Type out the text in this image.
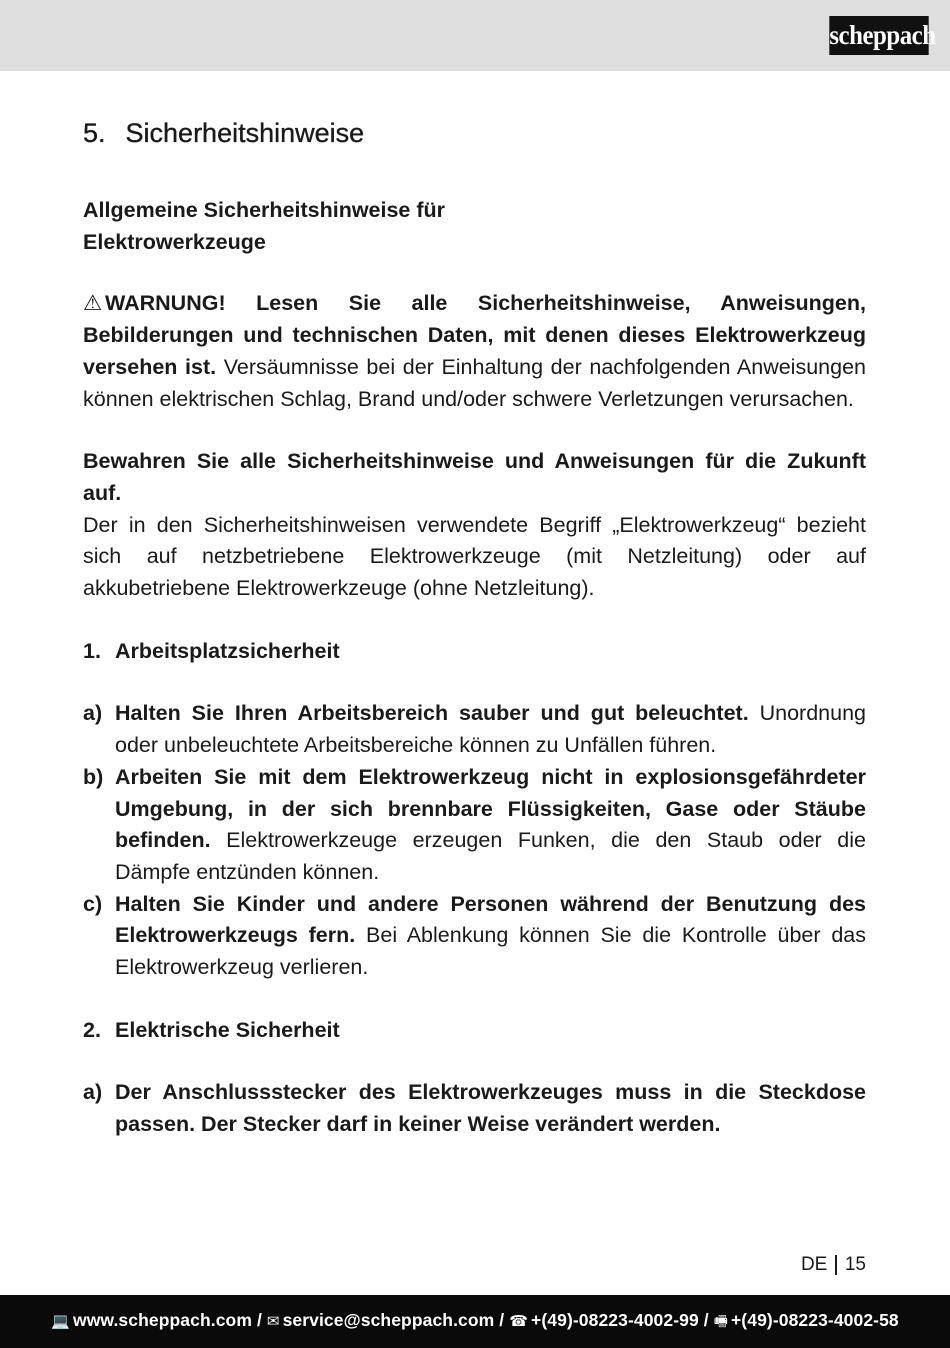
scheppach
5. Sicherheitshinweise
Allgemeine Sicherheitshinweise für
Elektrowerkzeuge

⚠ WARNUNG! Lesen Sie alle Sicherheitshinweise, Anweisungen, Bebilderungen und technischen Daten, mit denen dieses Elektrowerkzeug versehen ist. Versäumnisse bei der Einhaltung der nachfolgenden Anweisungen können elektrischen Schlag, Brand und/oder schwere Verletzungen verursachen.

Bewahren Sie alle Sicherheitshinweise und Anweisungen für die Zukunft auf.
Der in den Sicherheitshinweisen verwendete Begriff „Elektrowerkzeug“ bezieht sich auf netzbetriebene Elektrowerkzeuge (mit Netzleitung) oder auf akkubetriebene Elektrowerkzeuge (ohne Netzleitung).

1. Arbeitsplatzsicherheit
a) Halten Sie Ihren Arbeitsbereich sauber und gut beleuchtet. Unordnung oder unbeleuchtete Arbeitsbereiche können zu Unfällen führen.
b) Arbeiten Sie mit dem Elektrowerkzeug nicht in explosionsgefährdeter Umgebung, in der sich brennbare Flüssigkeiten, Gase oder Stäube befinden. Elektrowerkzeuge erzeugen Funken, die den Staub oder die Dämpfe entzünden können.
c) Halten Sie Kinder und andere Personen während der Benutzung des Elektrowerkzeugs fern. Bei Ablenkung können Sie die Kontrolle über das Elektrowerkzeug verlieren.
2. Elektrische Sicherheit
a) Der Anschlussstecker des Elektrowerkzeuges muss in die Steckdose passen. Der Stecker darf in keiner Weise verändert werden.
DE 15
💻 www.scheppach.com / ✉ service@scheppach.com / ☎ +(49)-08223-4002-99 / 🖷 +(49)-08223-4002-58
